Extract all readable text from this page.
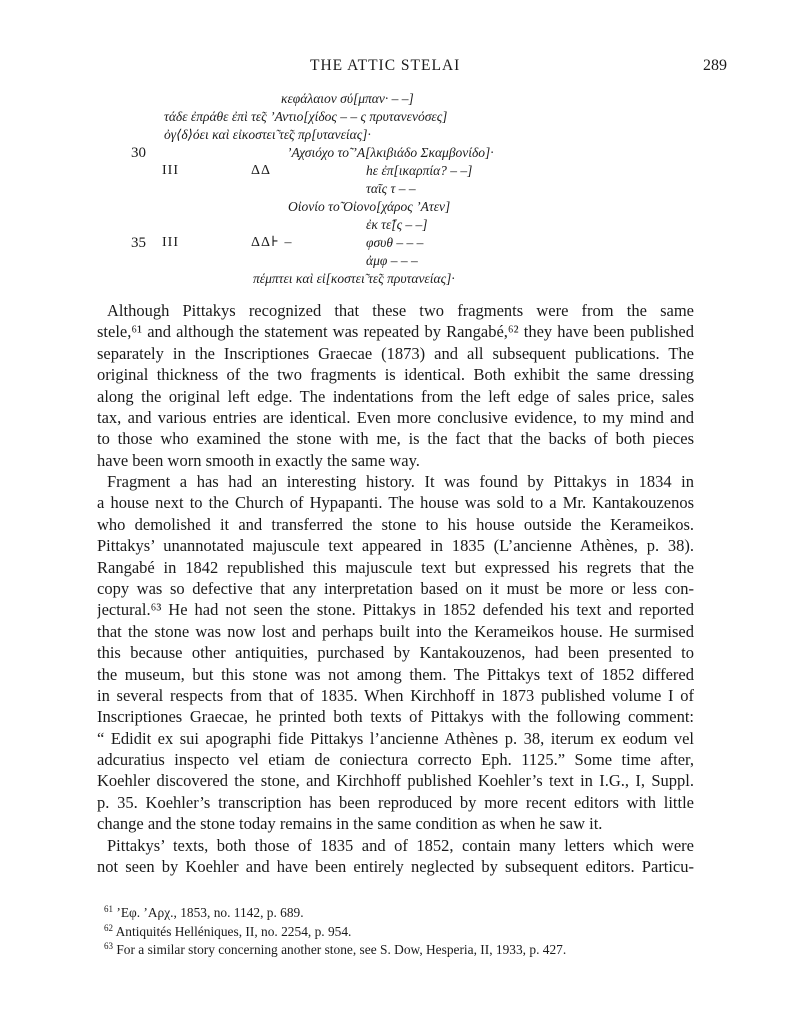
THE ATTIC STELAI	289
κεφάλαιον σύ[μπαν· – –]
τάδε ἐπράθε ἐπὶ τε̃ς ʼΑντιο[χίδος – – ς πρυτανενόσες]
ὀγ⟨δ⟩όει καὶ εἰκοστει̃ τε̃ς πρ[υτανείας]·
30	ʼΑχσιόχο το̃ ʼΑ[λκιβιάδο Σκαμβονίδο]·
III	ΔΔ	hε ἐπ[ικαρπία? – –]
ταῖς τ – –
Οἰονίο το̃ Οἰονο[χάρος ʼΑτεν]
ἐκ τε̃[ς – –]
35 III	ΔΔ⊦ –	φσυθ – – –
ἀμφ – – –
πέμπτει καὶ εἰ[κοστει̃ τε̃ς πρυτανείας]·
Although Pittakys recognized that these two fragments were from the same
stele,⁶¹ and although the statement was repeated by Rangabé,⁶² they have been published
separately in the Inscriptiones Graecae (1873) and all subsequent publications. The
original thickness of the two fragments is identical. Both exhibit the same dressing
along the original left edge. The indentations from the left edge of sales price, sales
tax, and various entries are identical. Even more conclusive evidence, to my mind and
to those who examined the stone with me, is the fact that the backs of both pieces
have been worn smooth in exactly the same way.
Fragment a has had an interesting history. It was found by Pittakys in 1834 in
a house next to the Church of Hypapanti. The house was sold to a Mr. Kantakouzenos
who demolished it and transferred the stone to his house outside the Kerameikos.
Pittakys’ unannotated majuscule text appeared in 1835 (L’ancienne Athènes, p. 38).
Rangabé in 1842 republished this majuscule text but expressed his regrets that the
copy was so defective that any interpretation based on it must be more or less con-
jectural.⁶³ He had not seen the stone. Pittakys in 1852 defended his text and reported
that the stone was now lost and perhaps built into the Kerameikos house. He surmised
this because other antiquities, purchased by Kantakouzenos, had been presented to
the museum, but this stone was not among them. The Pittakys text of 1852 differed
in several respects from that of 1835. When Kirchhoff in 1873 published volume I of
Inscriptiones Graecae, he printed both texts of Pittakys with the following comment:
“ Edidit ex sui apographi fide Pittakys l’ancienne Athènes p. 38, iterum ex eodum vel
adcuratius inspecto vel etiam de coniectura correcto Eph. 1125.” Some time after,
Koehler discovered the stone, and Kirchhoff published Koehler’s text in I.G., I, Suppl.
p. 35. Koehler’s transcription has been reproduced by more recent editors with little
change and the stone today remains in the same condition as when he saw it.
Pittakys’ texts, both those of 1835 and of 1852, contain many letters which were
not seen by Koehler and have been entirely neglected by subsequent editors. Particu-
$^{61}$ ʼΕφ. ʼΑρχ., 1853, no. 1142, p. 689.
$^{62}$ Antiquités Helléniques, II, no. 2254, p. 954.
$^{63}$ For a similar story concerning another stone, see S. Dow, Hesperia, II, 1933, p. 427.
